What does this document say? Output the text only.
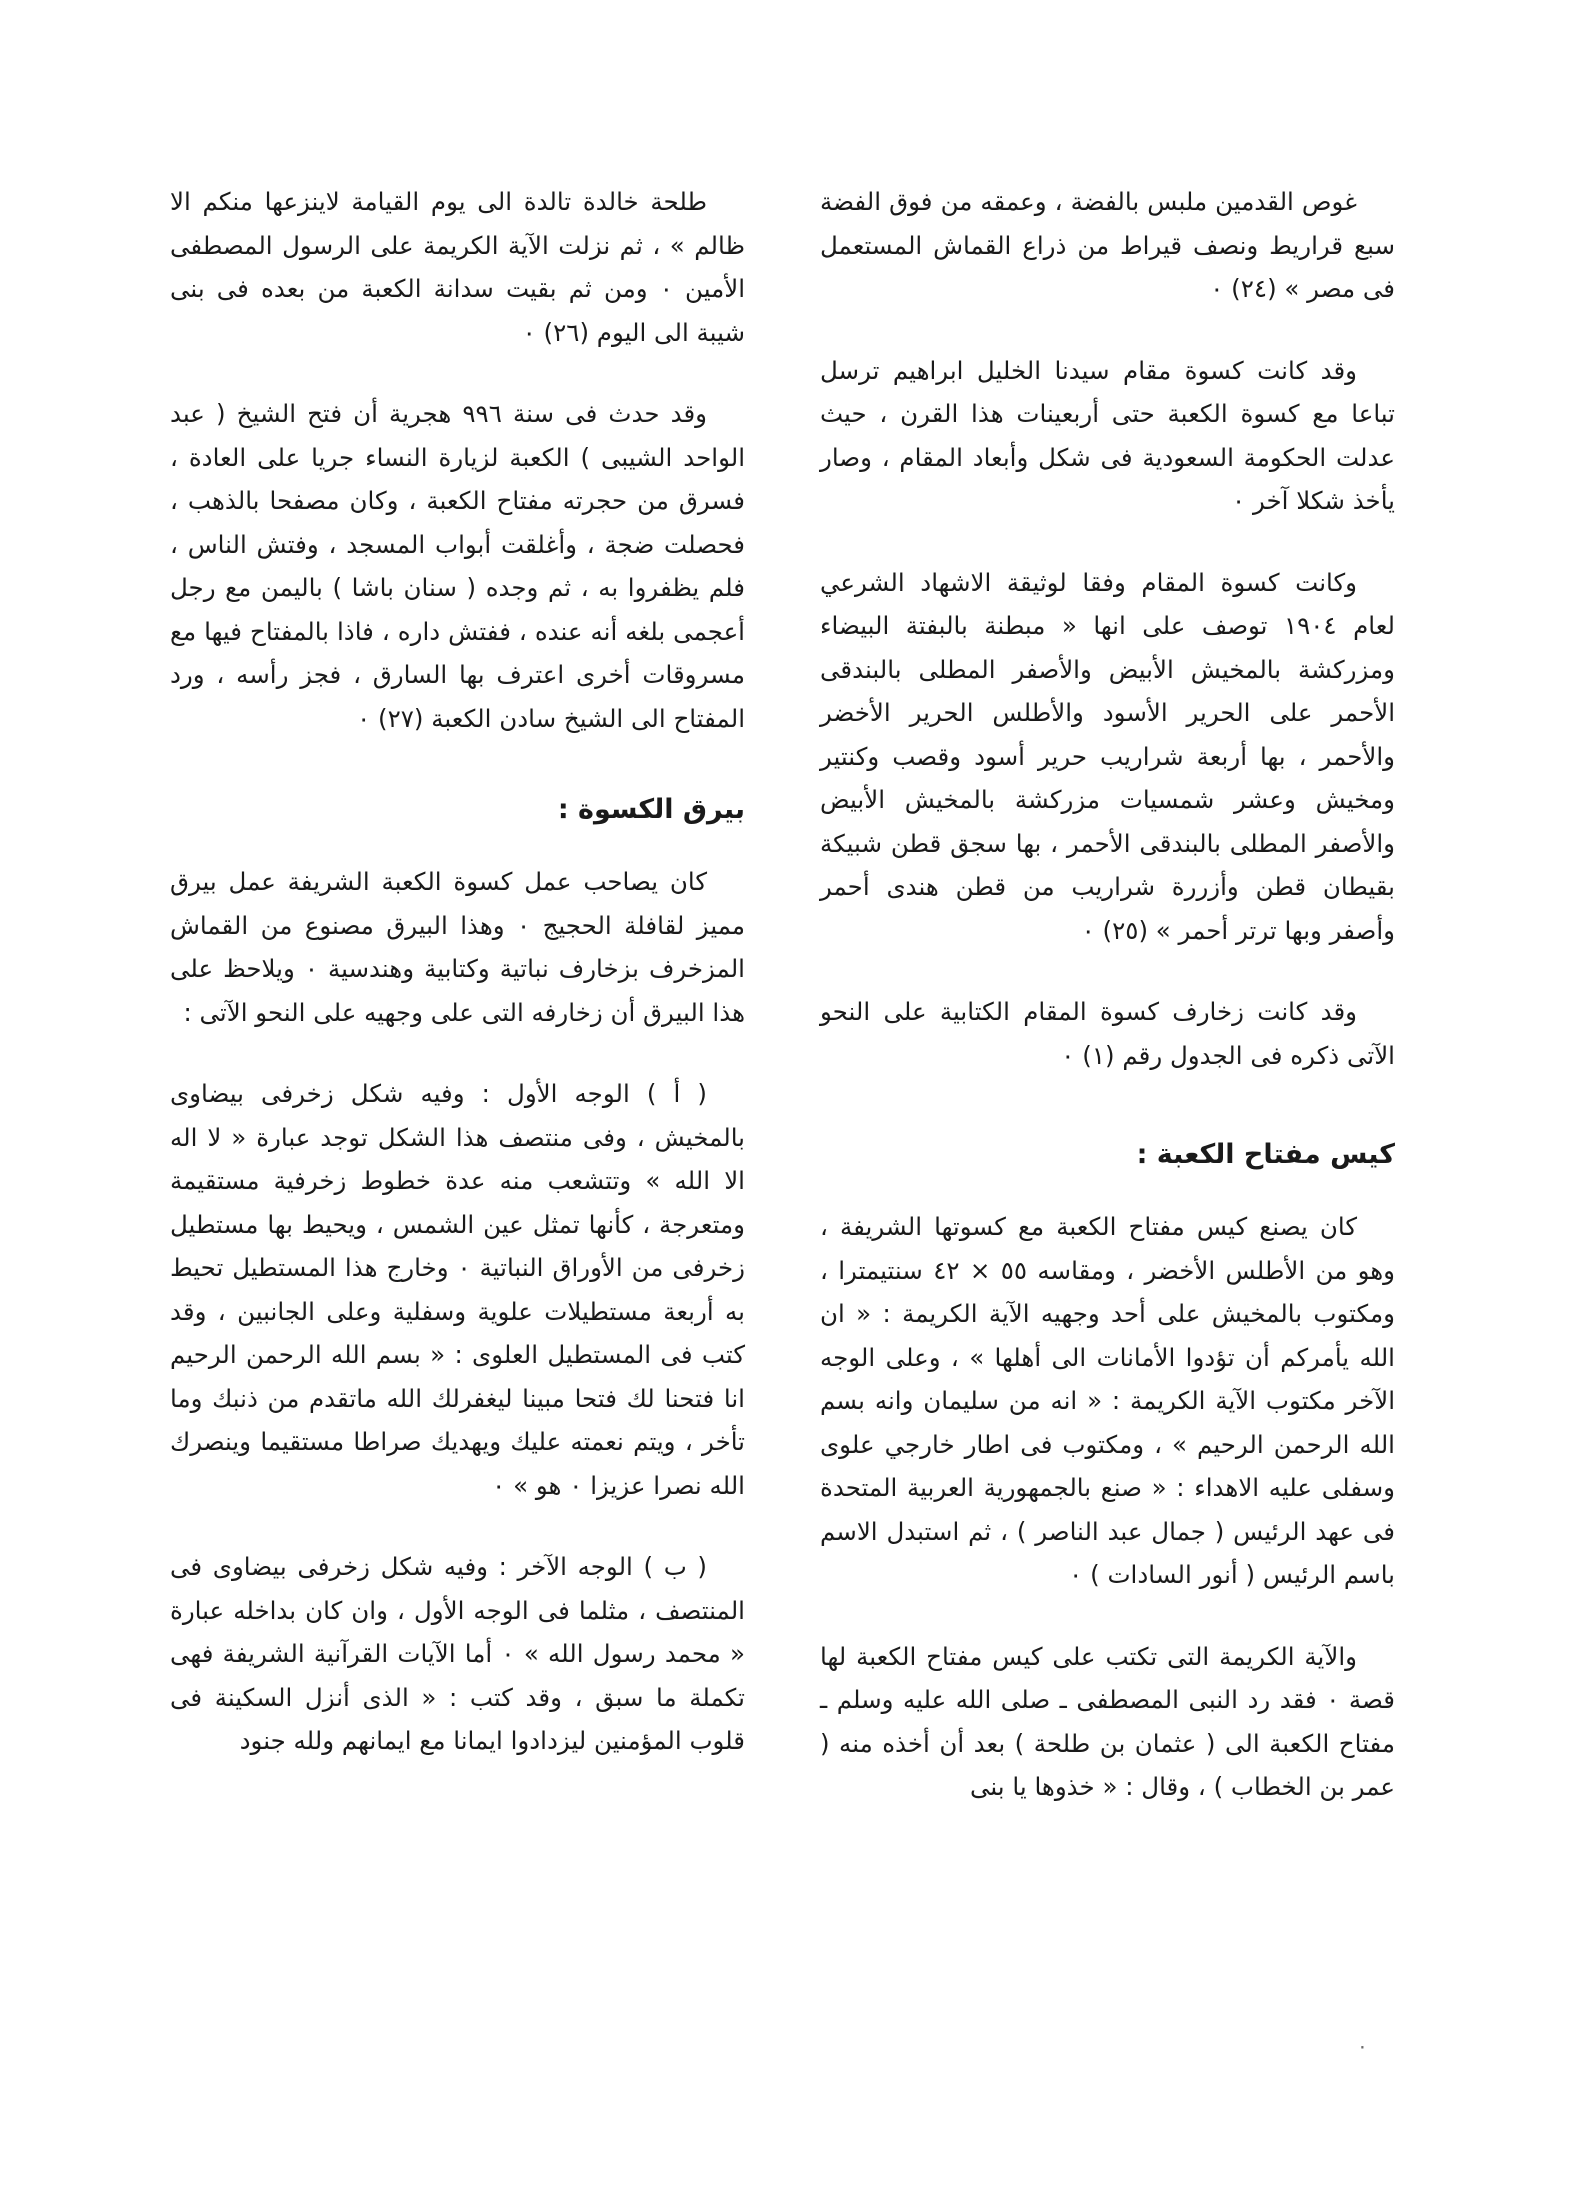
غوص القدمين ملبس بالفضة ، وعمقه من فوق الفضة سبع قراريط ونصف قيراط من ذراع القماش المستعمل فى مصر » (٢٤) ٠

وقد كانت كسوة مقام سيدنا الخليل ابراهيم ترسل تباعا مع كسوة الكعبة حتى أربعينات هذا القرن ، حيث عدلت الحكومة السعودية فى شكل وأبعاد المقام ، وصار يأخذ شكلا آخر ٠

وكانت كسوة المقام وفقا لوثيقة الاشهاد الشرعي لعام ١٩٠٤ توصف على انها « مبطنة بالبفتة البيضاء ومزركشة بالمخيش الأبيض والأصفر المطلى بالبندقى الأحمر على الحرير الأسود والأطلس الحرير الأخضر والأحمر ، بها أربعة شراريب حرير أسود وقصب وكنتير ومخيش وعشر شمسيات مزركشة بالمخيش الأبيض والأصفر المطلى بالبندقى الأحمر ، بها سجق قطن شبيكة بقيطان قطن وأزررة شراريب من قطن هندى أحمر وأصفر وبها ترتر أحمر » (٢٥) ٠

وقد كانت زخارف كسوة المقام الكتابية على النحو الآتى ذكره فى الجدول رقم (١) ٠

كيس مفتاح الكعبة :

كان يصنع كيس مفتاح الكعبة مع كسوتها الشريفة ، وهو من الأطلس الأخضر ، ومقاسه ٥٥ × ٤٢ سنتيمترا ، ومكتوب بالمخيش على أحد وجهيه الآية الكريمة : « ان الله يأمركم أن تؤدوا الأمانات الى أهلها » ، وعلى الوجه الآخر مكتوب الآية الكريمة : « انه من سليمان وانه بسم الله الرحمن الرحيم » ، ومكتوب فى اطار خارجي علوى وسفلى عليه الاهداء : « صنع بالجمهورية العربية المتحدة فى عهد الرئيس ( جمال عبد الناصر ) ، ثم استبدل الاسم باسم الرئيس ( أنور السادات ) ٠

والآية الكريمة التى تكتب على كيس مفتاح الكعبة لها قصة ٠ فقد رد النبى المصطفى ـ صلى الله عليه وسلم ـ مفتاح الكعبة الى ( عثمان بن طلحة ) بعد أن أخذه منه ( عمر بن الخطاب ) ، وقال : « خذوها يا بنى

طلحة خالدة تالدة الى يوم القيامة لاينزعها منكم الا ظالم » ، ثم نزلت الآية الكريمة على الرسول المصطفى الأمين ٠ ومن ثم بقيت سدانة الكعبة من بعده فى بنى شيبة الى اليوم (٢٦) ٠

وقد حدث فى سنة ٩٩٦ هجرية أن فتح الشيخ ( عبد الواحد الشيبى ) الكعبة لزيارة النساء جريا على العادة ، فسرق من حجرته مفتاح الكعبة ، وكان مصفحا بالذهب ، فحصلت ضجة ، وأغلقت أبواب المسجد ، وفتش الناس ، فلم يظفروا به ، ثم وجده ( سنان باشا ) باليمن مع رجل أعجمى بلغه أنه عنده ، ففتش داره ، فاذا بالمفتاح فيها مع مسروقات أخرى اعترف بها السارق ، فجز رأسه ، ورد المفتاح الى الشيخ سادن الكعبة (٢٧) ٠

بيرق الكسوة :

كان يصاحب عمل كسوة الكعبة الشريفة عمل بيرق مميز لقافلة الحجيج ٠ وهذا البيرق مصنوع من القماش المزخرف بزخارف نباتية وكتابية وهندسية ٠ ويلاحظ على هذا البيرق أن زخارفه التى على وجهيه على النحو الآتى :

( أ ) الوجه الأول : وفيه شكل زخرفى بيضاوى بالمخيش ، وفى منتصف هذا الشكل توجد عبارة « لا اله الا الله » وتتشعب منه عدة خطوط زخرفية مستقيمة ومتعرجة ، كأنها تمثل عين الشمس ، ويحيط بها مستطيل زخرفى من الأوراق النباتية ٠ وخارج هذا المستطيل تحيط به أربعة مستطيلات علوية وسفلية وعلى الجانبين ، وقد كتب فى المستطيل العلوى : « بسم الله الرحمن الرحيم انا فتحنا لك فتحا مبينا ليغفرلك الله ماتقدم من ذنبك وما تأخر ، ويتم نعمته عليك ويهديك صراطا مستقيما وينصرك الله نصرا عزيزا ٠ هو » ٠

( ب ) الوجه الآخر : وفيه شكل زخرفى بيضاوى فى المنتصف ، مثلما فى الوجه الأول ، وان كان بداخله عبارة « محمد رسول الله » ٠ أما الآيات القرآنية الشريفة فهى تكملة ما سبق ، وقد كتب : « الذى أنزل السكينة فى قلوب المؤمنين ليزدادوا ايمانا مع ايمانهم ولله جنود

٠
